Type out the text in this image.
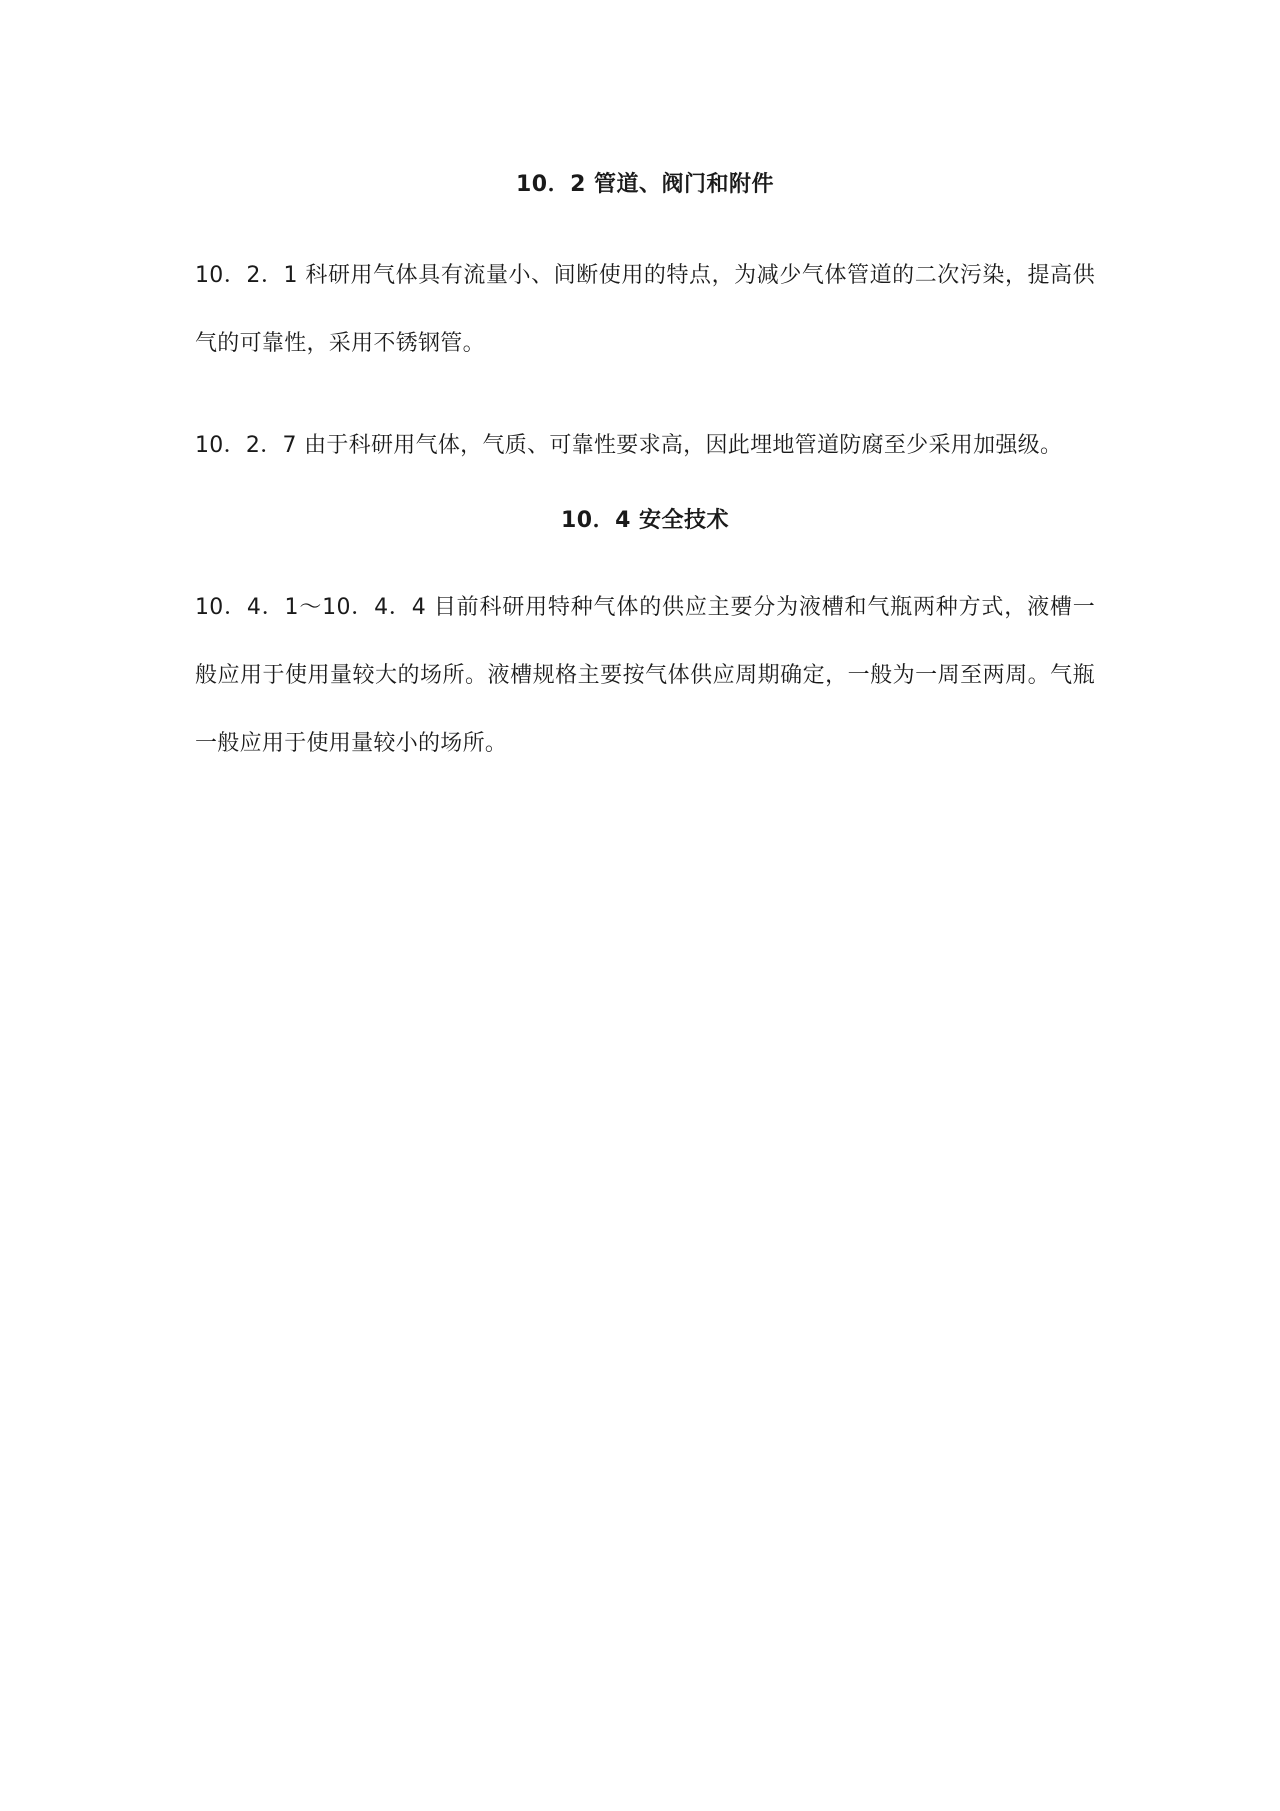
10．2 管道、阀门和附件

10．2．1 科研用气体具有流量小、间断使用的特点，为减少气体管道的二次污染，提高供气的可靠性，采用不锈钢管。

10．2．7 由于科研用气体，气质、可靠性要求高，因此埋地管道防腐至少采用加强级。

10．4 安全技术

10．4．1～10．4．4 目前科研用特种气体的供应主要分为液槽和气瓶两种方式，液槽一般应用于使用量较大的场所。液槽规格主要按气体供应周期确定，一般为一周至两周。气瓶一般应用于使用量较小的场所。
